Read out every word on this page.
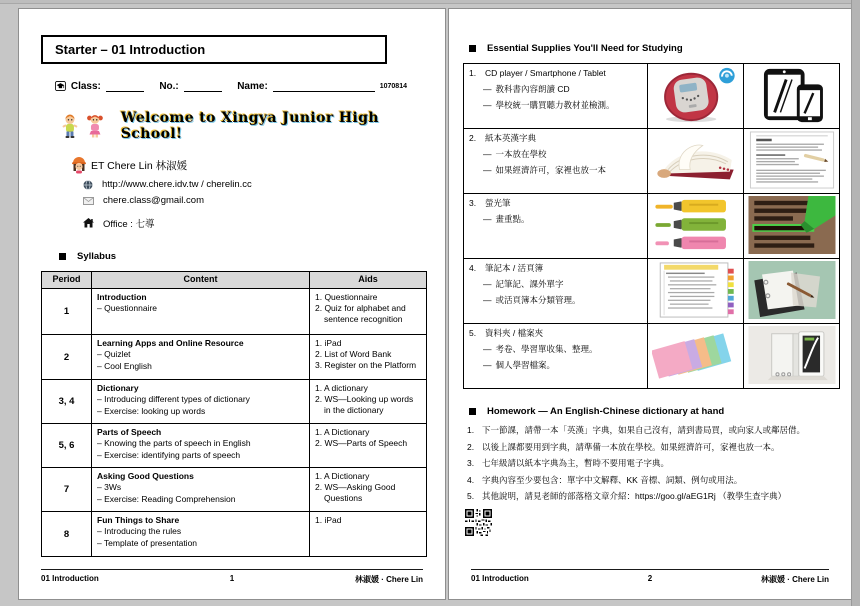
Starter – 01 Introduction
Class:	No.:	Name:	1070814
Welcome to Xingya Junior High School!
ET Chere Lin 林淑媛
http://www.chere.idv.tw / cherelin.cc
chere.class@gmail.com
Office : 七導
Syllabus
Period	Content	Aids
1	
Introduction
– Questionnaire

1. Questionnaire
2. Quiz for alphabet and sentence recognition

2	
Learning Apps and Online Resource
– Quizlet
– Cool English

1. iPad
2. List of Word Bank
3. Register on the Platform

3, 4	
Dictionary
– Introducing different types of dictionary
– Exercise: looking up words

1. A dictionary
2. WS—Looking up words in the dictionary

5, 6	
Parts of Speech
– Knowing the parts of speech in English
– Exercise: identifying parts of speech

1. A Dictionary
2. WS—Parts of Speech

7	
Asking Good Questions
– 3Ws
– Exercise: Reading Comprehension

1. A Dictionary
2. WS—Asking Good Questions

8	Fun Things to Share
– Introducing the rules
– Template of presentation	1. iPad
01 Introduction	1	林淑媛 · Chere Lin
Essential Supplies You'll Need for Studying
1.	CD player / Smartphone / Tablet
— 教科書內容朗讀 CD
— 學校統一購買聽力教材並檢測。

2.	紙本英漢字典
— 一本放在學校
— 如果經濟許可，家裡也放一本

3. 螢光筆
— 畫重點。

4.	筆記本 / 活頁簿
— 記筆記、課外單字
— 或活頁簿本分類管理。

5.	資料夾 / 檔案夾
— 考卷、學習單收集、整理。
— 個人學習檔案。

Homework — An English-Chinese dictionary at hand
1. 下一節課，請帶一本「英漢」字典，如果自己沒有，請到書局買，或向家人或鄰居借。
2. 以後上課都要用到字典，請準備一本放在學校。如果經濟許可，家裡也放一本。
3. 七年級請以紙本字典為主，暫時不要用電子字典。
4. 字典內容至少要包含：單字中文解釋、KK 音標、詞類、例句或用法。
5. 其他說明，請見老師的部落格文章介紹：https://goo.gl/aEG1Rj （教學生查字典）
01 Introduction	2	林淑媛 · Chere Lin
